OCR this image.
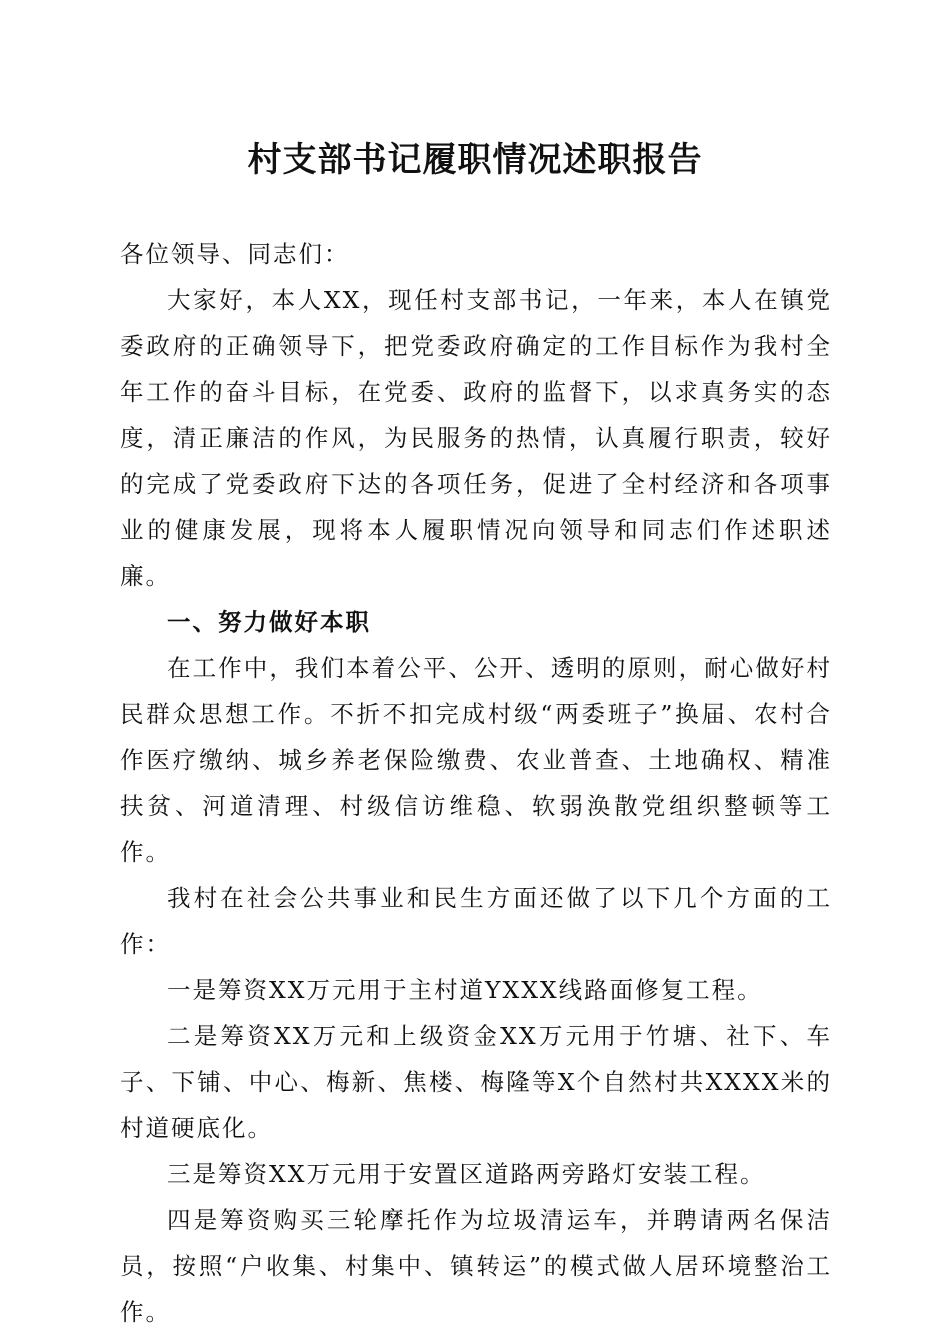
村支部书记履职情况述职报告

各位领导、同志们：

大家好，本人XX，现任村支部书记，一年来，本人在镇党委政府的正确领导下，把党委政府确定的工作目标作为我村全年工作的奋斗目标，在党委、政府的监督下，以求真务实的态度，清正廉洁的作风，为民服务的热情，认真履行职责，较好的完成了党委政府下达的各项任务，促进了全村经济和各项事业的健康发展，现将本人履职情况向领导和同志们作述职述廉。

一、努力做好本职

在工作中，我们本着公平、公开、透明的原则，耐心做好村民群众思想工作。不折不扣完成村级“两委班子”换届、农村合作医疗缴纳、城乡养老保险缴费、农业普查、土地确权、精准扶贫、河道清理、村级信访维稳、软弱涣散党组织整顿等工作。

我村在社会公共事业和民生方面还做了以下几个方面的工作：

一是筹资XX万元用于主村道YXXX线路面修复工程。

二是筹资XX万元和上级资金XX万元用于竹塘、社下、车子、下铺、中心、梅新、焦楼、梅隆等X个自然村共XXXX米的村道硬底化。

三是筹资XX万元用于安置区道路两旁路灯安装工程。

四是筹资购买三轮摩托作为垃圾清运车，并聘请两名保洁员，按照“户收集、村集中、镇转运”的模式做人居环境整治工作。
